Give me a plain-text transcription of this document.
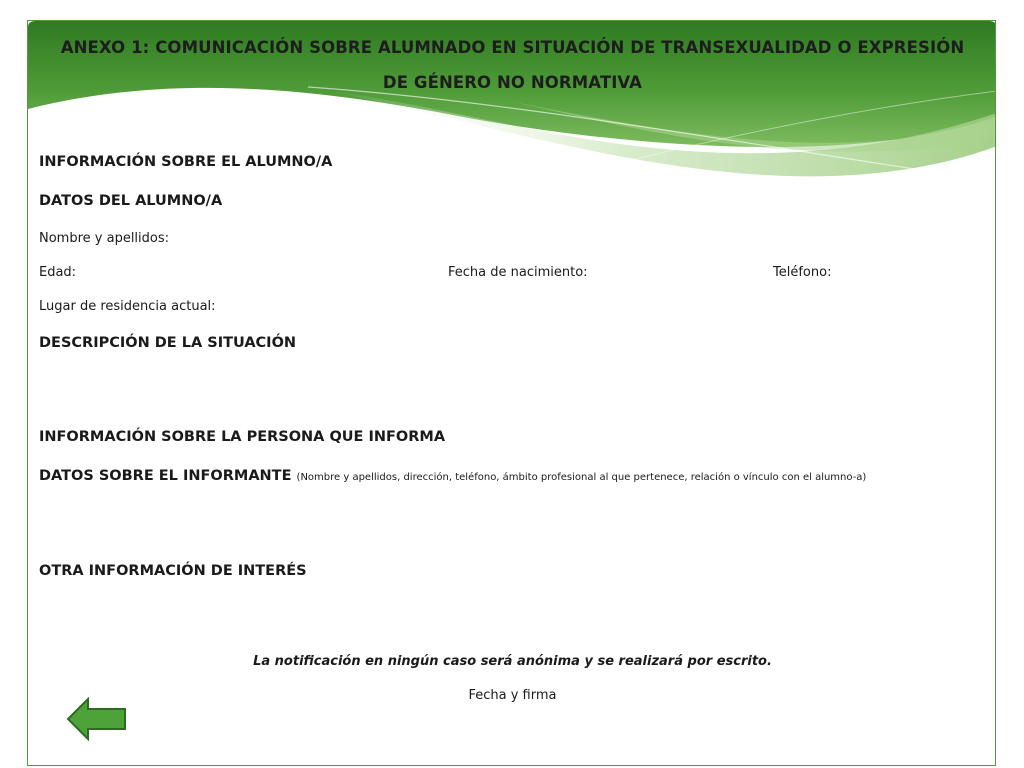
ANEXO 1: COMUNICACIÓN SOBRE ALUMNADO EN SITUACIÓN DE TRANSEXUALIDAD O EXPRESIÓN DE GÉNERO NO NORMATIVA
INFORMACIÓN SOBRE EL ALUMNO/A
DATOS DEL ALUMNO/A
Nombre y apellidos:
Edad:	Fecha de nacimiento:	Teléfono:
Lugar de residencia actual:
DESCRIPCIÓN DE LA SITUACIÓN
INFORMACIÓN SOBRE LA PERSONA QUE INFORMA
DATOS SOBRE EL INFORMANTE (Nombre y apellidos, dirección, teléfono, ámbito profesional al que pertenece, relación o vínculo con el alumno-a)
OTRA INFORMACIÓN DE INTERÉS
La notificación en ningún caso será anónima y se realizará por escrito.
Fecha y firma
